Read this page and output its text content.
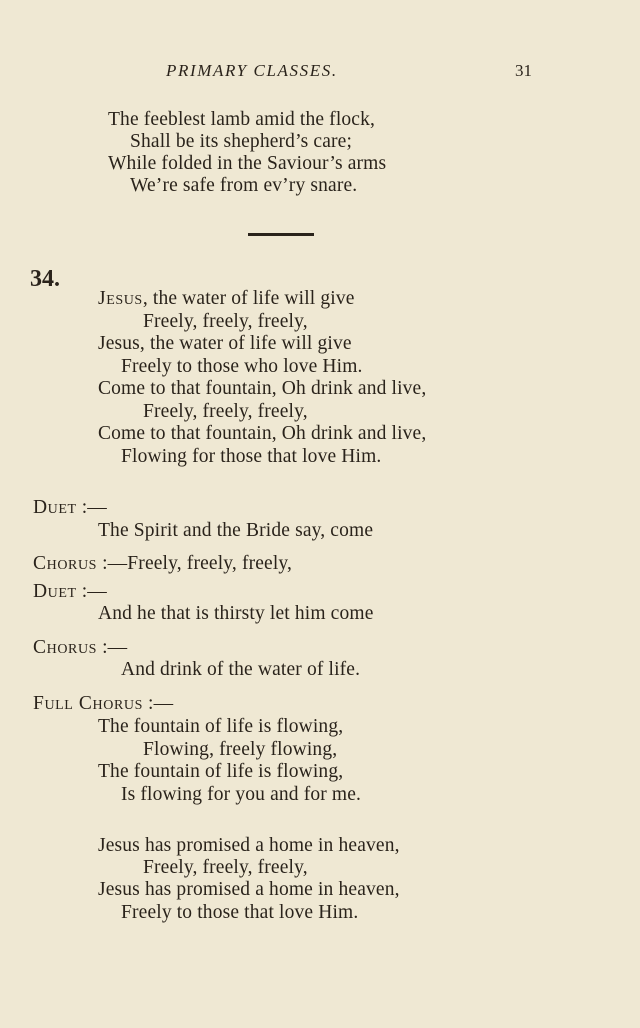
PRIMARY CLASSES.	31
The feeblest lamb amid the flock,
Shall be its shepherd’s care;
While folded in the Saviour’s arms
We’re safe from ev’ry snare.
34.
Jesus, the water of life will give
Freely, freely, freely,
Jesus, the water of life will give
Freely to those who love Him.
Come to that fountain, Oh drink and live,
Freely, freely, freely,
Come to that fountain, Oh drink and live,
Flowing for those that love Him.
Duet :—
The Spirit and the Bride say, come
Chorus :—Freely, freely, freely,
Duet :—
And he that is thirsty let him come
Chorus :—
And drink of the water of life.
Full Chorus :—
The fountain of life is flowing,
Flowing, freely flowing,
The fountain of life is flowing,
Is flowing for you and for me.
Jesus has promised a home in heaven,
Freely, freely, freely,
Jesus has promised a home in heaven,
Freely to those that love Him.
